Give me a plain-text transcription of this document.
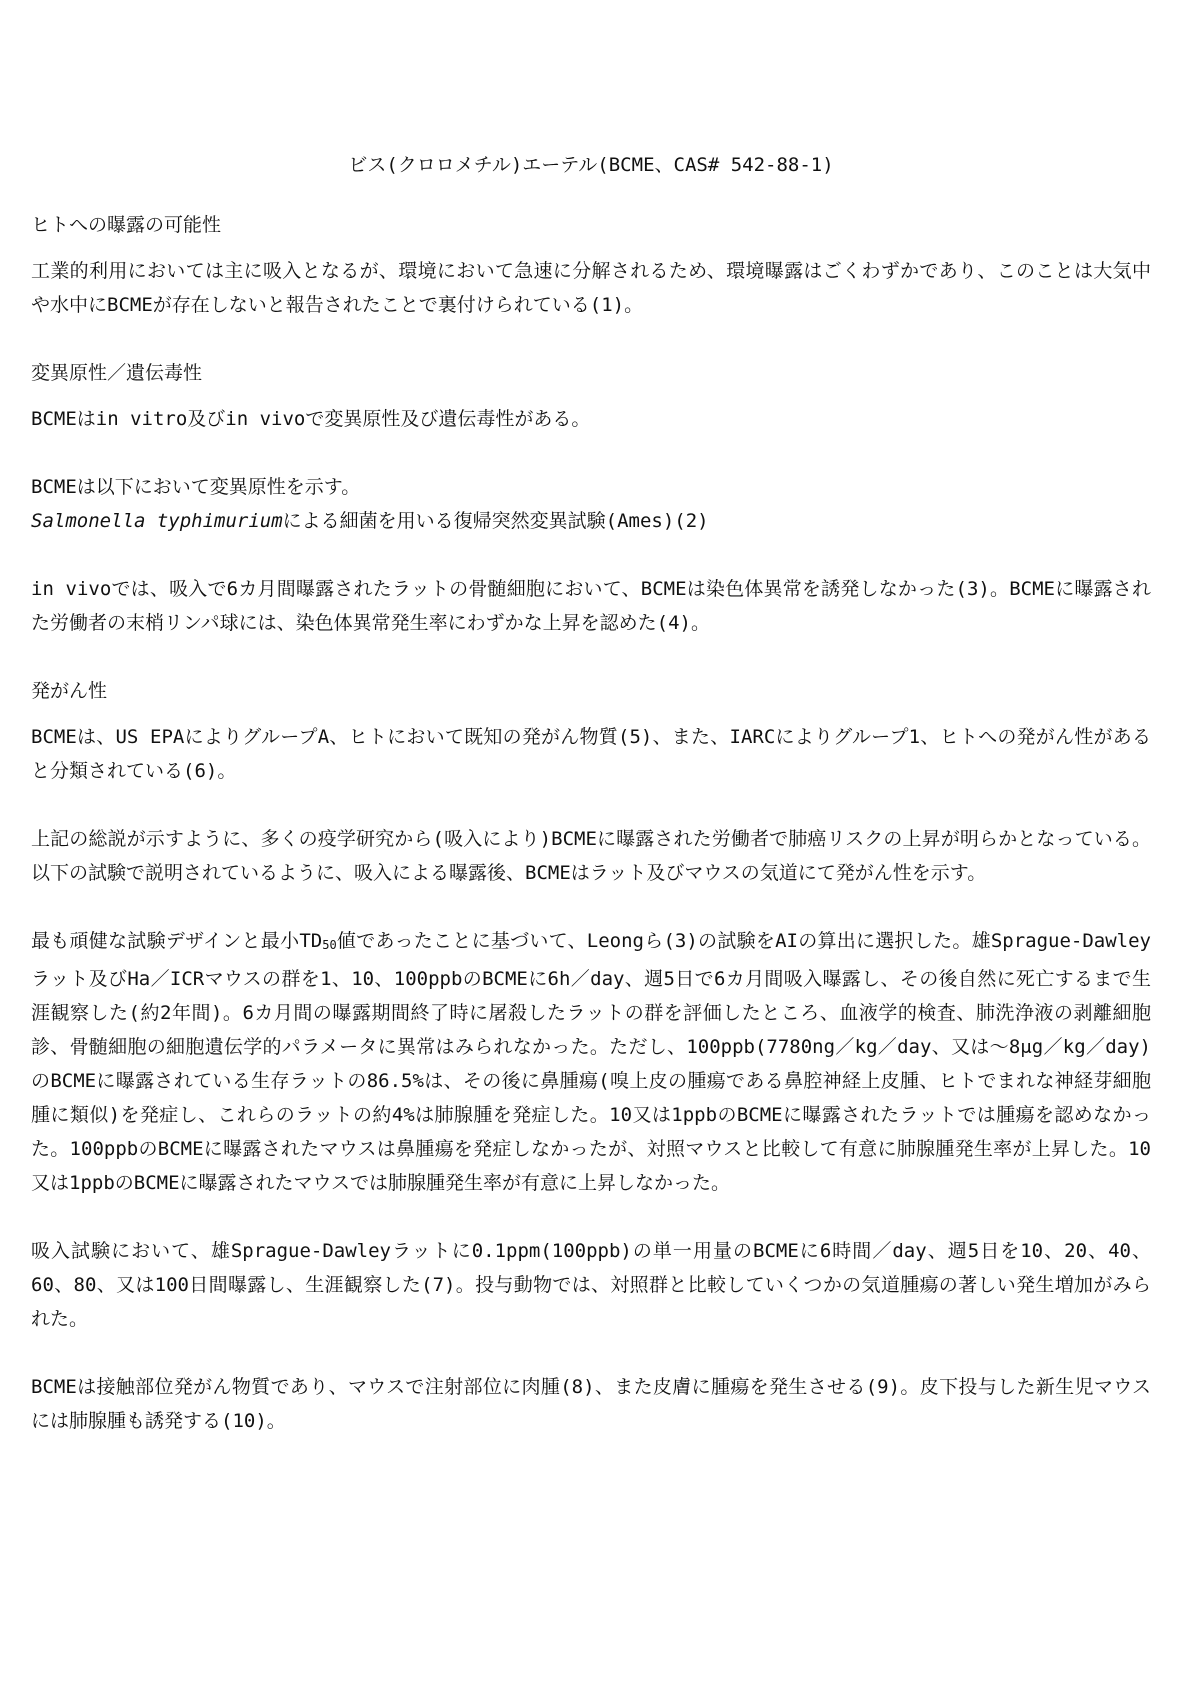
ビス(クロロメチル)エーテル(BCME、CAS# 542-88-1)
ヒトへの曝露の可能性
工業的利用においては主に吸入となるが、環境において急速に分解されるため、環境曝露はごくわずかであり、このことは大気中や水中にBCMEが存在しないと報告されたことで裏付けられている(1)。
変異原性／遺伝毒性
BCMEはin vitro及びin vivoで変異原性及び遺伝毒性がある。
BCMEは以下において変異原性を示す。
Salmonella typhimuriumによる細菌を用いる復帰突然変異試験(Ames)(2)
in vivoでは、吸入で6カ月間曝露されたラットの骨髄細胞において、BCMEは染色体異常を誘発しなかった(3)。BCMEに曝露された労働者の末梢リンパ球には、染色体異常発生率にわずかな上昇を認めた(4)。
発がん性
BCMEは、US EPAによりグループA、ヒトにおいて既知の発がん物質(5)、また、IARCによりグループ1、ヒトへの発がん性があると分類されている(6)。
上記の総説が示すように、多くの疫学研究から(吸入により)BCMEに曝露された労働者で肺癌リスクの上昇が明らかとなっている。以下の試験で説明されているように、吸入による曝露後、BCMEはラット及びマウスの気道にて発がん性を示す。
最も頑健な試験デザインと最小TD50値であったことに基づいて、Leongら(3)の試験をAIの算出に選択した。雄Sprague-Dawleyラット及びHa／ICRマウスの群を1、10、100ppbのBCMEに6h／day、週5日で6カ月間吸入曝露し、その後自然に死亡するまで生涯観察した(約2年間)。6カ月間の曝露期間終了時に屠殺したラットの群を評価したところ、血液学的検査、肺洗浄液の剥離細胞診、骨髄細胞の細胞遺伝学的パラメータに異常はみられなかった。ただし、100ppb(7780ng／kg／day、又は～8μg／kg／day)のBCMEに曝露されている生存ラットの86.5%は、その後に鼻腫瘍(嗅上皮の腫瘍である鼻腔神経上皮腫、ヒトでまれな神経芽細胞腫に類似)を発症し、これらのラットの約4%は肺腺腫を発症した。10又は1ppbのBCMEに曝露されたラットでは腫瘍を認めなかった。100ppbのBCMEに曝露されたマウスは鼻腫瘍を発症しなかったが、対照マウスと比較して有意に肺腺腫発生率が上昇した。10又は1ppbのBCMEに曝露されたマウスでは肺腺腫発生率が有意に上昇しなかった。
吸入試験において、雄Sprague-Dawleyラットに0.1ppm(100ppb)の単一用量のBCMEに6時間／day、週5日を10、20、40、60、80、又は100日間曝露し、生涯観察した(7)。投与動物では、対照群と比較していくつかの気道腫瘍の著しい発生増加がみられた。
BCMEは接触部位発がん物質であり、マウスで注射部位に肉腫(8)、また皮膚に腫瘍を発生させる(9)。皮下投与した新生児マウスには肺腺腫も誘発する(10)。
